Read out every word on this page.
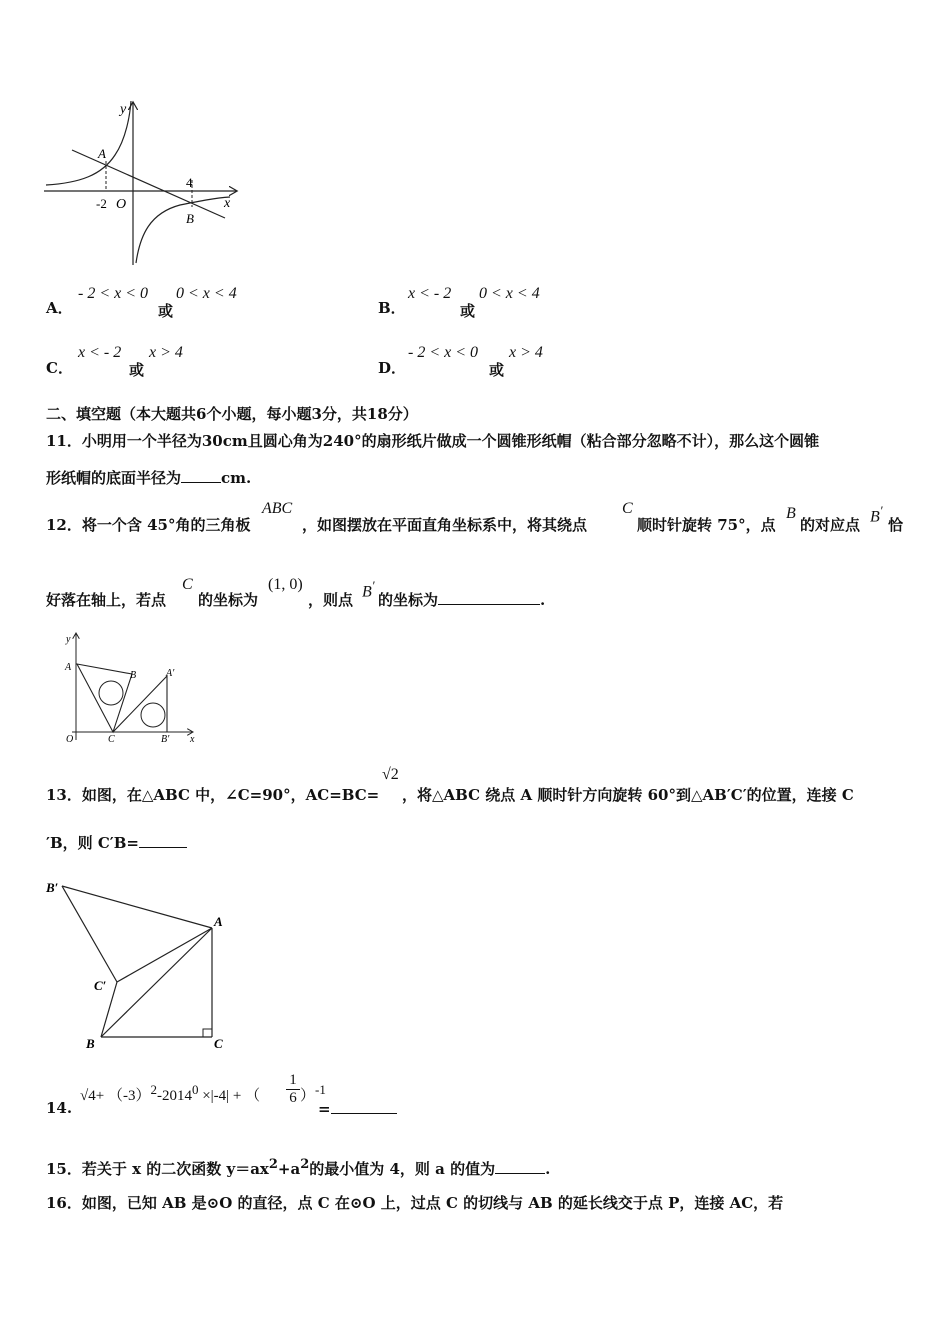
y
x
A
B
O
-2
4
A．
- 2 < x < 0
或
0 < x < 4
B．
x < - 2
或
0 < x < 4
C．
x < - 2
或
x > 4
D．
- 2 < x < 0
或
x > 4
二、填空题（本大题共6个小题，每小题3分，共18分）
11．小明用一个半径为30cm且圆心角为240°的扇形纸片做成一个圆锥形纸帽（粘合部分忽略不计），那么这个圆锥
形纸帽的底面半径为	cm.
12．将一个含 45°角的三角板
ABC
，如图摆放在平面直角坐标系中，将其绕点
C
顺时针旋转 75°，点
B
的对应点 B′
恰
好落在轴上，若点
C
的坐标为
(1, 0)
，则点 B′
的坐标为	.
y
x
A
B	A′
O	C	B′
13．如图，在△ABC 中，∠C=90°，AC=BC=
√2
，将△ABC 绕点 A 顺时针方向旋转 60°到△AB′C′的位置，连接 C
′B，则 C′B=
B′
A
C′
B	C
14.
$√4+ (-3)^2-2014^0 \times|-4|$ + （ $\frac{1}{6} )^{-1}$
=
15．若关于 x 的二次函数 $y=ax^2+a^2$的最小值为 4，则 a 的值为	.
16．如图，已知 AB 是⊙O 的直径，点 C 在⊙O 上，过点 C 的切线与 AB 的延长线交于点 P，连接 AC，若
